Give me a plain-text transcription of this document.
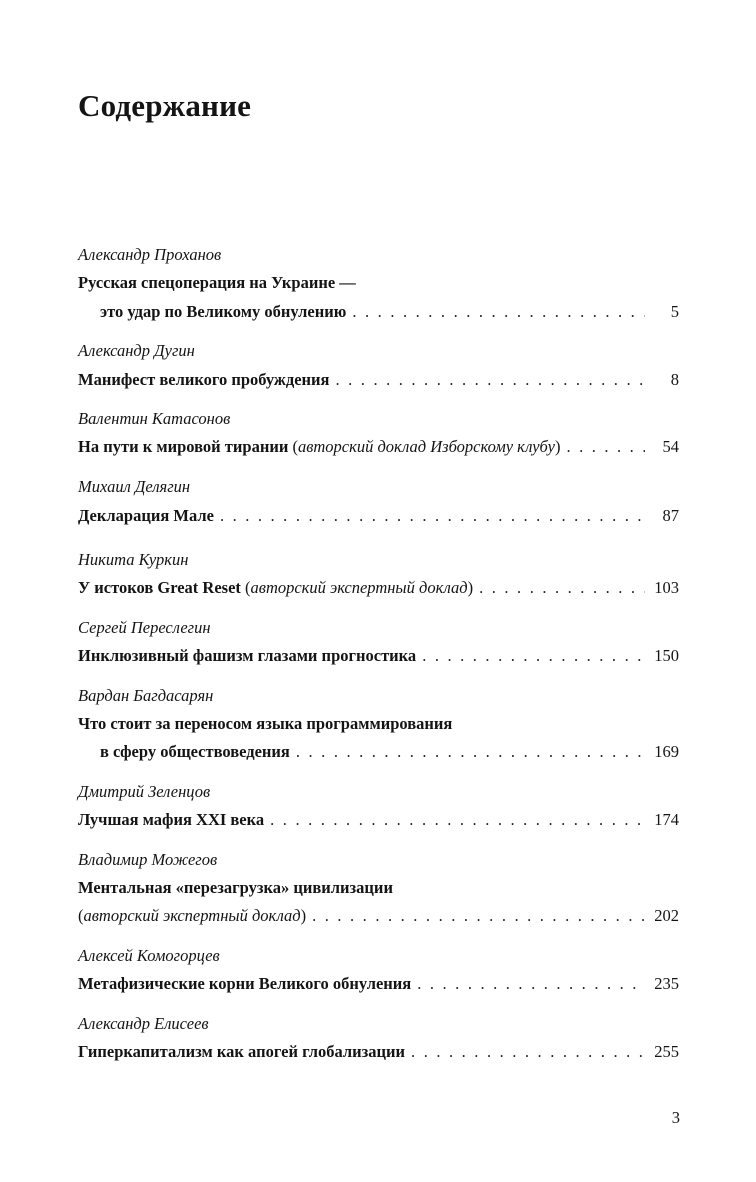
Содержание
Александр Проханов
Русская спецоперация на Украине —
это удар по Великому обнулению . . .	5
Александр Дугин
Манифест великого пробуждения . . .	8
Валентин Катасонов
На пути к мировой тирании (авторский доклад Изборскому клубу) . . .	54
Михаил Делягин
Декларация Мале . . .	87
Никита Куркин
У истоков Great Reset (авторский экспертный доклад) . . .	103
Сергей Переслегин
Инклюзивный фашизм глазами прогностика . . .	150
Вардан Багдасарян
Что стоит за переносом языка программирования
в сферу обществоведения . . .	169
Дмитрий Зеленцов
Лучшая мафия XXI века . . .	174
Владимир Можегов
Ментальная «перезагрузка» цивилизации
(авторский экспертный доклад) . . .	202
Алексей Комогорцев
Метафизические корни Великого обнуления . . .	235
Александр Елисеев
Гиперкапитализм как апогей глобализации . . .	255
3
